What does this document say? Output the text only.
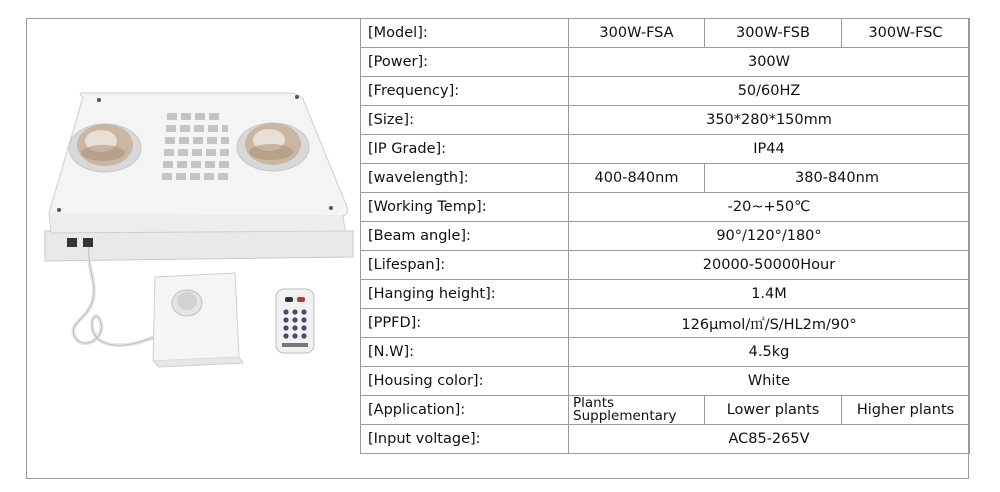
[Model]:	300W-FSA	300W-FSB	300W-FSC
[Power]:	300W		
[Frequency]:	50/60HZ		
[Size]:	350*280*150mm		
[IP Grade]:	IP44		
[wavelength]:	400-840nm	380-840nm	
[Working Temp]:	-20~+50℃		
[Beam angle]:	90°/120°/180°		
[Lifespan]:	20000-50000Hour		
[Hanging height]:	1.4M		
[PPFD]:	126μmol/㎡/S/HL2m/90°		
[N.W]:	4.5kg		
[Housing color]:	White		
[Application]:	Plants Supplementary	Lower plants	Higher plants
[Input voltage]:	AC85-265V		
